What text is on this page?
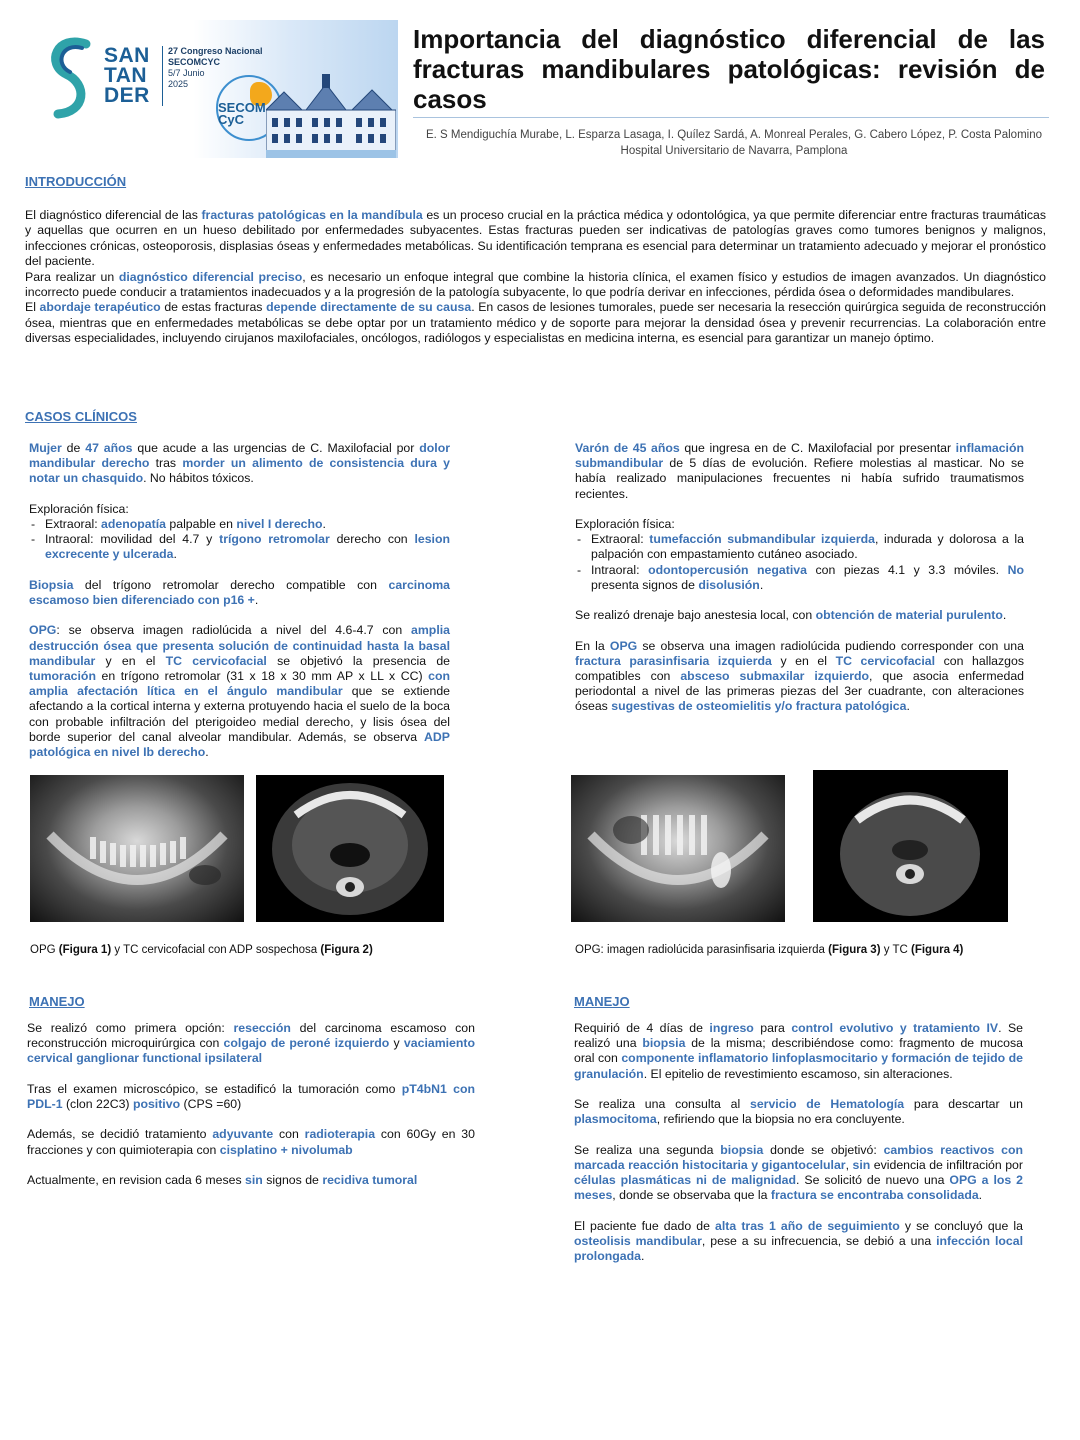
SAN
TAN
DER
27 Congreso Nacional
SECOMCYC
5/7 Junio
2025
SECOM
CyC
Importancia del diagnóstico diferencial de las fracturas mandibulares patológicas: revisión de casos
E. S Mendiguchía Murabe, L. Esparza Lasaga, I. Quílez Sardá, A. Monreal Perales, G. Cabero López, P. Costa Palomino
Hospital Universitario de Navarra, Pamplona
INTRODUCCIÓN

El diagnóstico diferencial de las fracturas patológicas en la mandíbula es un proceso crucial en la práctica médica y odontológica, ya que permite diferenciar entre fracturas traumáticas y aquellas que ocurren en un hueso debilitado por enfermedades subyacentes. Estas fracturas pueden ser indicativas de patologías graves como tumores benignos y malignos, infecciones crónicas, osteoporosis, displasias óseas y enfermedades metabólicas. Su identificación temprana es esencial para determinar un tratamiento adecuado y mejorar el pronóstico del paciente.

Para realizar un diagnóstico diferencial preciso, es necesario un enfoque integral que combine la historia clínica, el examen físico y estudios de imagen avanzados. Un diagnóstico incorrecto puede conducir a tratamientos inadecuados y a la progresión de la patología subyacente, lo que podría derivar en infecciones, pérdida ósea o deformidades mandibulares.

El abordaje terapéutico de estas fracturas depende directamente de su causa. En casos de lesiones tumorales, puede ser necesaria la resección quirúrgica seguida de reconstrucción ósea, mientras que en enfermedades metabólicas se debe optar por un tratamiento médico y de soporte para mejorar la densidad ósea y prevenir recurrencias. La colaboración entre diversas especialidades, incluyendo cirujanos maxilofaciales, oncólogos, radiólogos y especialistas en medicina interna, es esencial para garantizar un manejo óptimo.

CASOS CLÍNICOS

Mujer de 47 años que acude a las urgencias de C. Maxilofacial por dolor mandibular derecho tras morder un alimento de consistencia dura y notar un chasquido. No hábitos tóxicos.

Exploración física:

- Extraoral: adenopatía palpable en nivel I derecho.
- Intraoral: movilidad del 4.7 y trígono retromolar derecho con lesion excrecente y ulcerada.

Biopsia del trígono retromolar derecho compatible con carcinoma escamoso bien diferenciado con p16 +.

OPG: se observa imagen radiolúcida a nivel del 4.6-4.7 con amplia destrucción ósea que presenta solución de continuidad hasta la basal mandibular y en el TC cervicofacial se objetivó la presencia de tumoración en trígono retromolar (31 x 18 x 30 mm AP x LL x CC) con amplia afectación lítica en el ángulo mandibular que se extiende afectando a la cortical interna y externa protuyendo hacia el suelo de la boca con probable infiltración del pterigoideo medial derecho, y lisis ósea del borde superior del canal alveolar mandibular. Además, se observa ADP patológica en nivel Ib derecho.

Varón de 45 años que ingresa en de C. Maxilofacial por presentar inflamación submandibular de 5 días de evolución. Refiere molestias al masticar. No se había realizado manipulaciones frecuentes ni había sufrido traumatismos recientes.

Exploración física:

- Extraoral: tumefacción submandibular izquierda, indurada y dolorosa a la palpación con empastamiento cutáneo asociado.
- Intraoral: odontopercusión negativa con piezas 4.1 y 3.3 móviles. No presenta signos de disolusión.

Se realizó drenaje bajo anestesia local, con obtención de material purulento.

En la OPG se observa una imagen radiolúcida pudiendo corresponder con una fractura parasinfisaria izquierda y en el TC cervicofacial con hallazgos compatibles con absceso submaxilar izquierdo, que asocia enfermedad periodontal a nivel de las primeras piezas del 3er cuadrante, con alteraciones óseas sugestivas de osteomielitis y/o fractura patológica.

OPG (Figura 1) y TC cervicofacial con ADP sospechosa (Figura 2)	OPG: imagen radiolúcida parasinfisaria izquierda (Figura 3) y TC (Figura 4)
MANEJO

Se realizó como primera opción: resección del carcinoma escamoso con reconstrucción microquirúrgica con colgajo de peroné izquierdo y vaciamiento cervical ganglionar functional ipsilateral

Tras el examen microscópico, se estadificó la tumoración como pT4bN1 con PDL-1 (clon 22C3) positivo (CPS =60)

Además, se decidió tratamiento adyuvante con radioterapia con 60Gy en 30 fracciones y con quimioterapia con cisplatino + nivolumab

Actualmente, en revision cada 6 meses sin signos de recidiva tumoral

MANEJO

Requirió de 4 días de ingreso para control evolutivo y tratamiento IV. Se realizó una biopsia de la misma; describiéndose como: fragmento de mucosa oral con componente inflamatorio linfoplasmocitario y formación de tejido de granulación. El epitelio de revestimiento escamoso, sin alteraciones.

Se realiza una consulta al servicio de Hematología para descartar un plasmocitoma, refiriendo que la biopsia no era concluyente.

Se realiza una segunda biopsia donde se objetivó: cambios reactivos con marcada reacción histocitaria y gigantocelular, sin evidencia de infiltración por células plasmáticas ni de malignidad. Se solicitó de nuevo una OPG a los 2 meses, donde se observaba que la fractura se encontraba consolidada.

El paciente fue dado de alta tras 1 año de seguimiento y se concluyó que la osteolisis mandibular, pese a su infrecuencia, se debió a una infección local prolongada.
